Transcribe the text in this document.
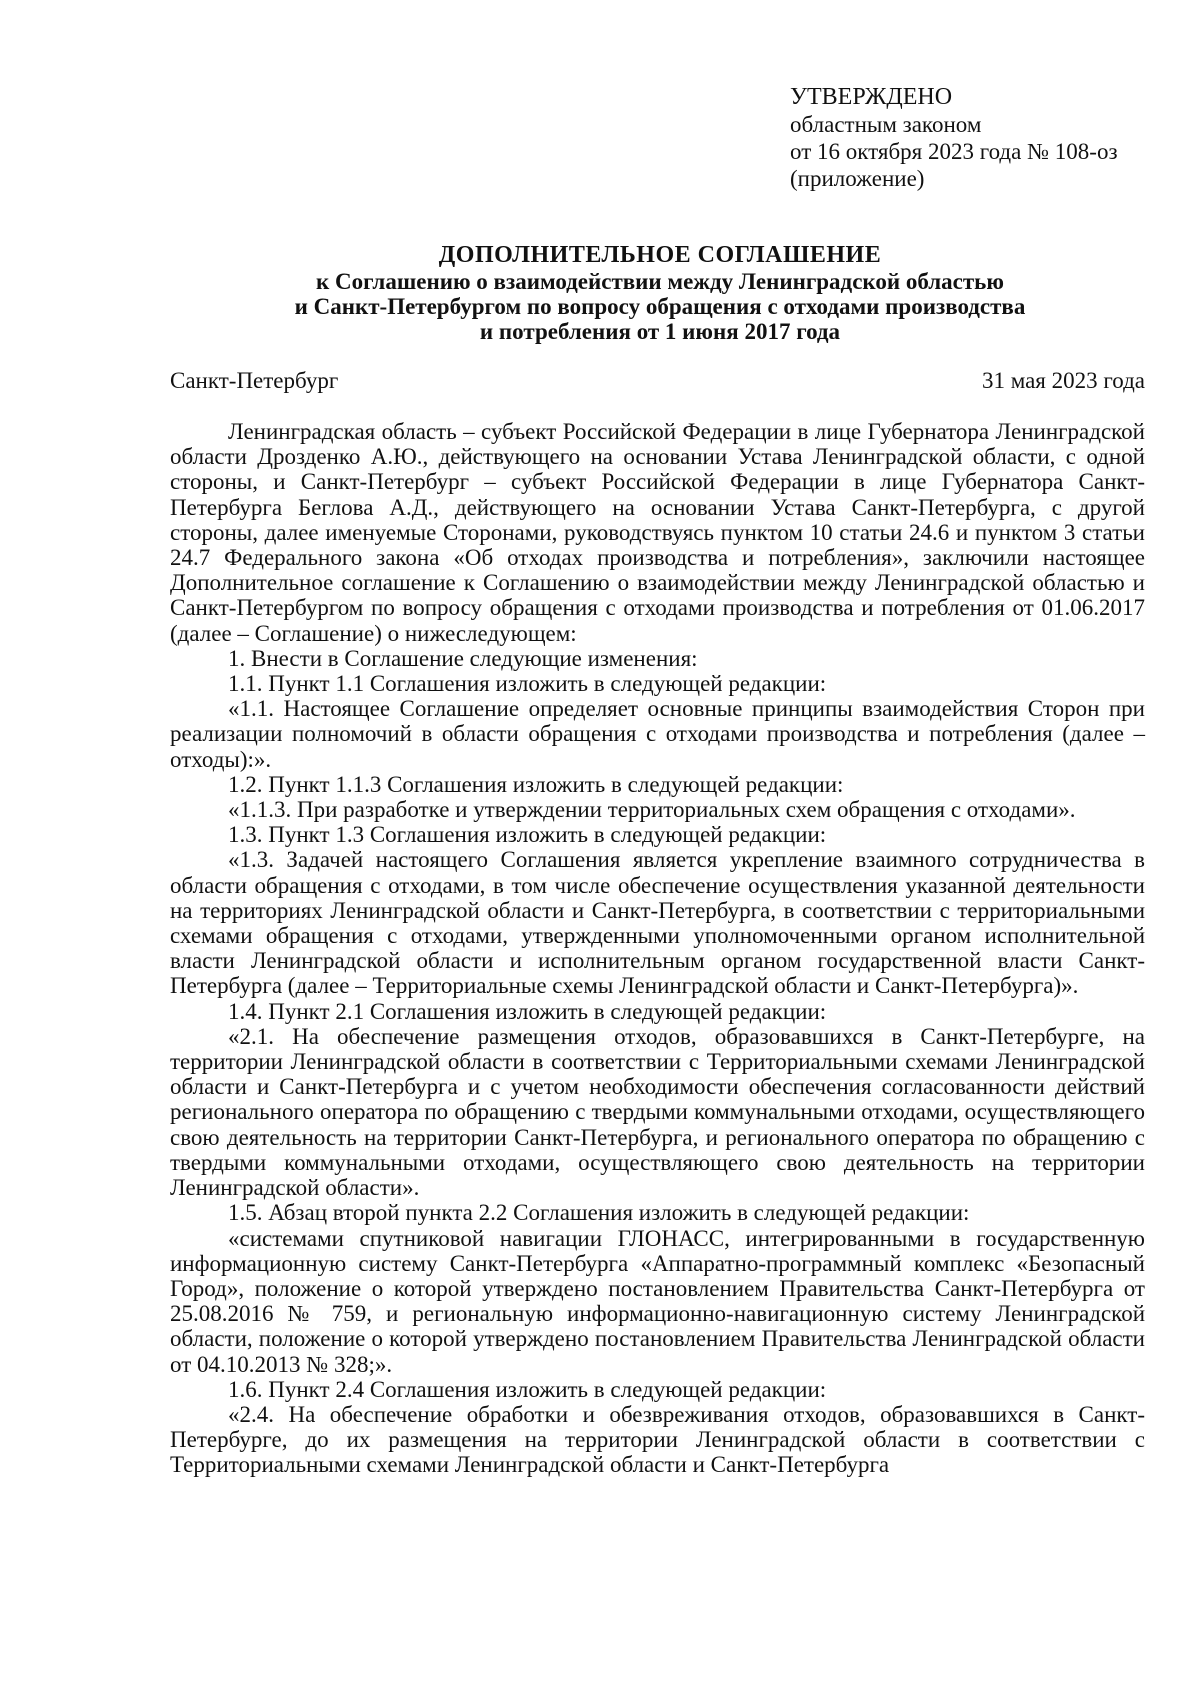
УТВЕРЖДЕНО
областным законом
от 16 октября 2023 года № 108-оз
(приложение)
ДОПОЛНИТЕЛЬНОЕ СОГЛАШЕНИЕ
к Соглашению о взаимодействии между Ленинградской областью
и Санкт-Петербургом по вопросу обращения с отходами производства
и потребления от 1 июня 2017 года
Санкт-Петербург	31 мая 2023 года

Ленинградская область – субъект Российской Федерации в лице Губернатора Ленинградской области Дрозденко А.Ю., действующего на основании Устава Ленинградской области, с одной стороны, и Санкт-Петербург – субъект Российской Федерации в лице Губернатора Санкт-Петербурга Беглова А.Д., действующего на основании Устава Санкт-Петербурга, с другой стороны, далее именуемые Сторонами, руководствуясь пунктом 10 статьи 24.6 и пунктом 3 статьи 24.7 Федерального закона «Об отходах производства и потребления», заключили настоящее Дополнительное соглашение к Соглашению о взаимодействии между Ленинградской областью и Санкт-Петербургом по вопросу обращения с отходами производства и потребления от 01.06.2017 (далее – Соглашение) о нижеследующем:

1. Внести в Соглашение следующие изменения:

1.1. Пункт 1.1 Соглашения изложить в следующей редакции:

«1.1. Настоящее Соглашение определяет основные принципы взаимодействия Сторон при реализации полномочий в области обращения с отходами производства и потребления (далее – отходы):».

1.2. Пункт 1.1.3 Соглашения изложить в следующей редакции:

«1.1.3. При разработке и утверждении территориальных схем обращения с отходами».

1.3. Пункт 1.3 Соглашения изложить в следующей редакции:

«1.3. Задачей настоящего Соглашения является укрепление взаимного сотрудничества в области обращения с отходами, в том числе обеспечение осуществления указанной деятельности на территориях Ленинградской области и Санкт-Петербурга, в соответствии с территориальными схемами обращения с отходами, утвержденными уполномоченными органом исполнительной власти Ленинградской области и исполнительным органом государственной власти Санкт-Петербурга (далее – Территориальные схемы Ленинградской области и Санкт-Петербурга)».

1.4. Пункт 2.1 Соглашения изложить в следующей редакции:

«2.1. На обеспечение размещения отходов, образовавшихся в Санкт-Петербурге, на территории Ленинградской области в соответствии с Территориальными схемами Ленинградской области и Санкт-Петербурга и с учетом необходимости обеспечения согласованности действий регионального оператора по обращению с твердыми коммунальными отходами, осуществляющего свою деятельность на территории Санкт-Петербурга, и регионального оператора по обращению с твердыми коммунальными отходами, осуществляющего свою деятельность на территории Ленинградской области».

1.5. Абзац второй пункта 2.2 Соглашения изложить в следующей редакции:

«системами спутниковой навигации ГЛОНАСС, интегрированными в государственную информационную систему Санкт-Петербурга «Аппаратно-программный комплекс «Безопасный Город», положение о которой утверждено постановлением Правительства Санкт-Петербурга от 25.08.2016 № 759, и региональную информационно-навигационную систему Ленинградской области, положение о которой утверждено постановлением Правительства Ленинградской области от 04.10.2013 № 328;».

1.6. Пункт 2.4 Соглашения изложить в следующей редакции:

«2.4. На обеспечение обработки и обезвреживания отходов, образовавшихся в Санкт-Петербурге, до их размещения на территории Ленинградской области в соответствии с Территориальными схемами Ленинградской области и Санкт-Петербурга
